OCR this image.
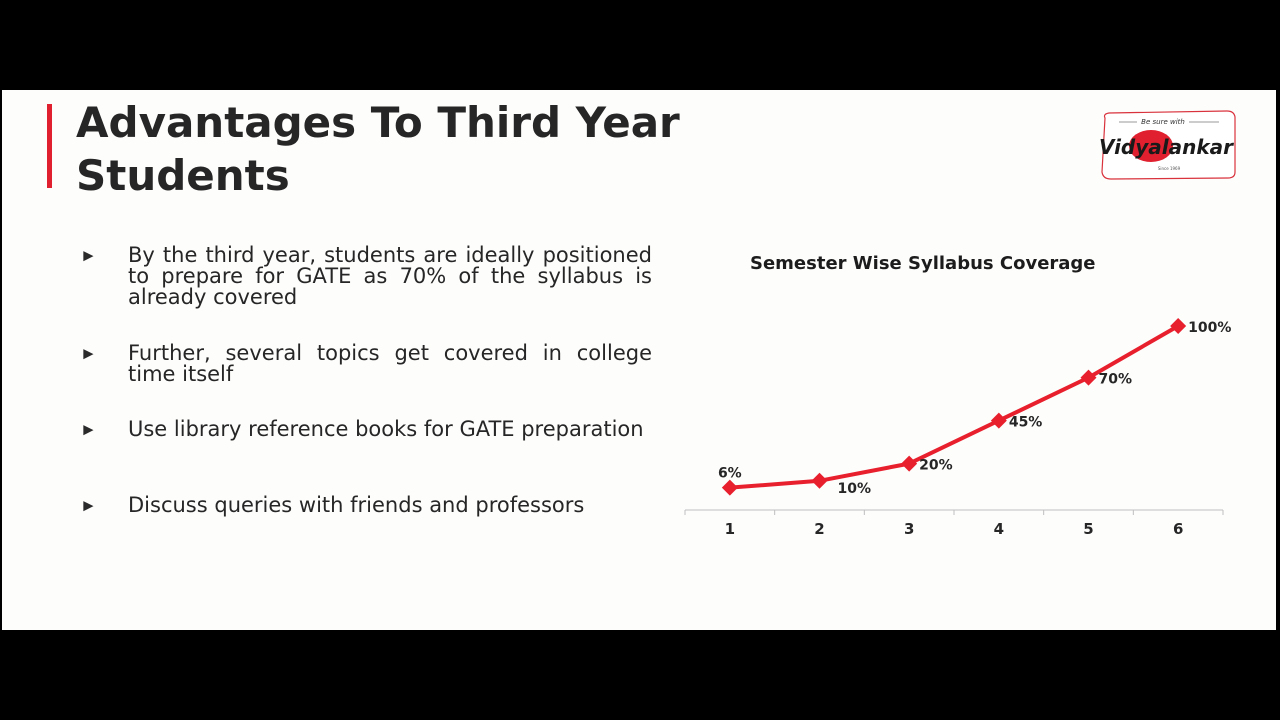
Advantages To Third Year
Students
Be sure with
Vidyalankar
Since 1969
► By the third year, students are ideally positioned to prepare for GATE as 70% of the syllabus is already covered
► Further, several topics get covered in college time itself
► Use library reference books for GATE preparation
► Discuss queries with friends and professors
Semester Wise Syllabus Coverage
1	2	3	4	5	6
6%
10%
20%
45%
70%
100%
